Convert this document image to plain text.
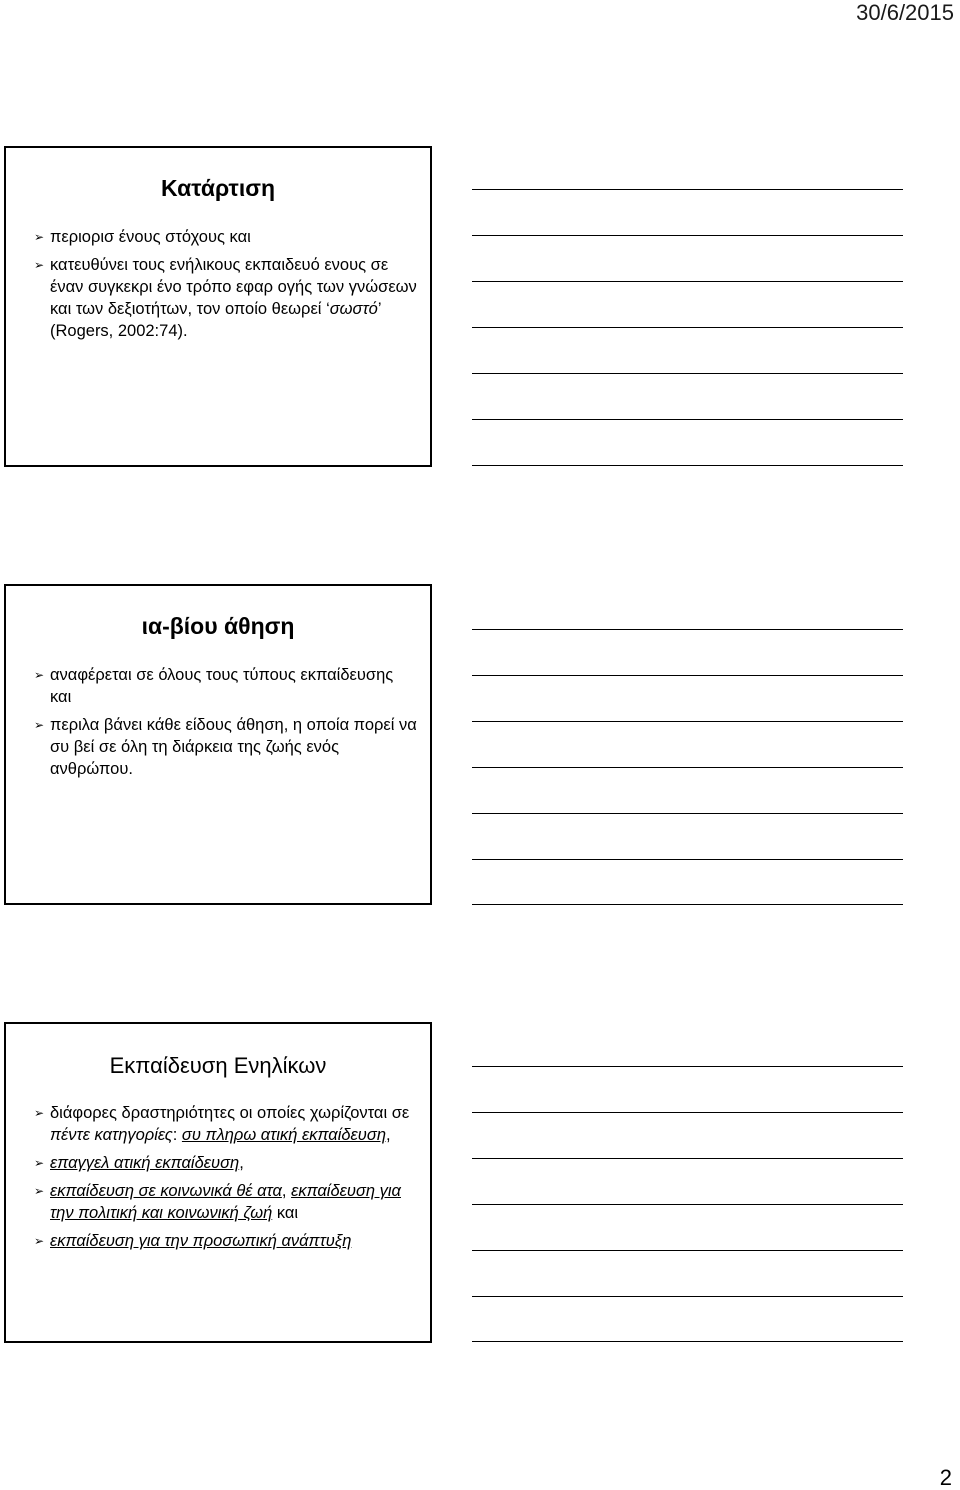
30/6/2015
Κατάρτιση
➢ περιορισ ένους στόχους και
➢ κατευθύνει τους ενήλικους εκπαιδευό ενους σε έναν συγκεκρι ένο τρόπο εφαρ ογής των γνώσεων και των δεξιοτήτων, τον οποίο θεωρεί ‘σωστό’ (Rogers, 2002:74).
ια-βίου άθηση
➢ αναφέρεται σε όλους τους τύπους εκπαίδευσης και
➢ περιλα βάνει κάθε είδους άθηση, η οποία πορεί να συ βεί σε όλη τη διάρκεια της ζωής ενός ανθρώπου.
Εκπαίδευση Ενηλίκων
➢ διάφορες δραστηριότητες οι οποίες χωρίζονται σε πέντε κατηγορίες: συ πληρω ατική εκπαίδευση,
➢ επαγγελ ατική εκπαίδευση,
➢ εκπαίδευση σε κοινωνικά θέ ατα, εκπαίδευση για την πολιτική και κοινωνική ζωή και
➢ εκπαίδευση για την προσωπική ανάπτυξη
2
